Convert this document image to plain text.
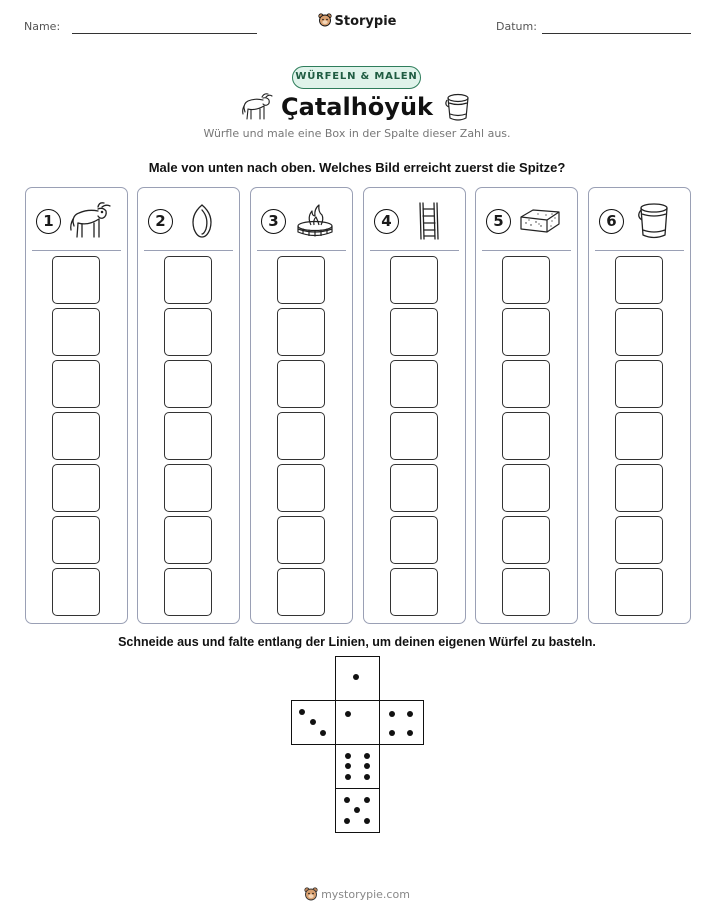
Name:	Storypie	Datum:
WÜRFELN & MALEN
Çatalhöyük
Würfle und male eine Box in der Spalte dieser Zahl aus.
Male von unten nach oben. Welches Bild erreicht zuerst die Spitze?
1	2	3	4	5	6
Schneide aus und falte entlang der Linien, um deinen eigenen Würfel zu basteln.
mystorypie.com
